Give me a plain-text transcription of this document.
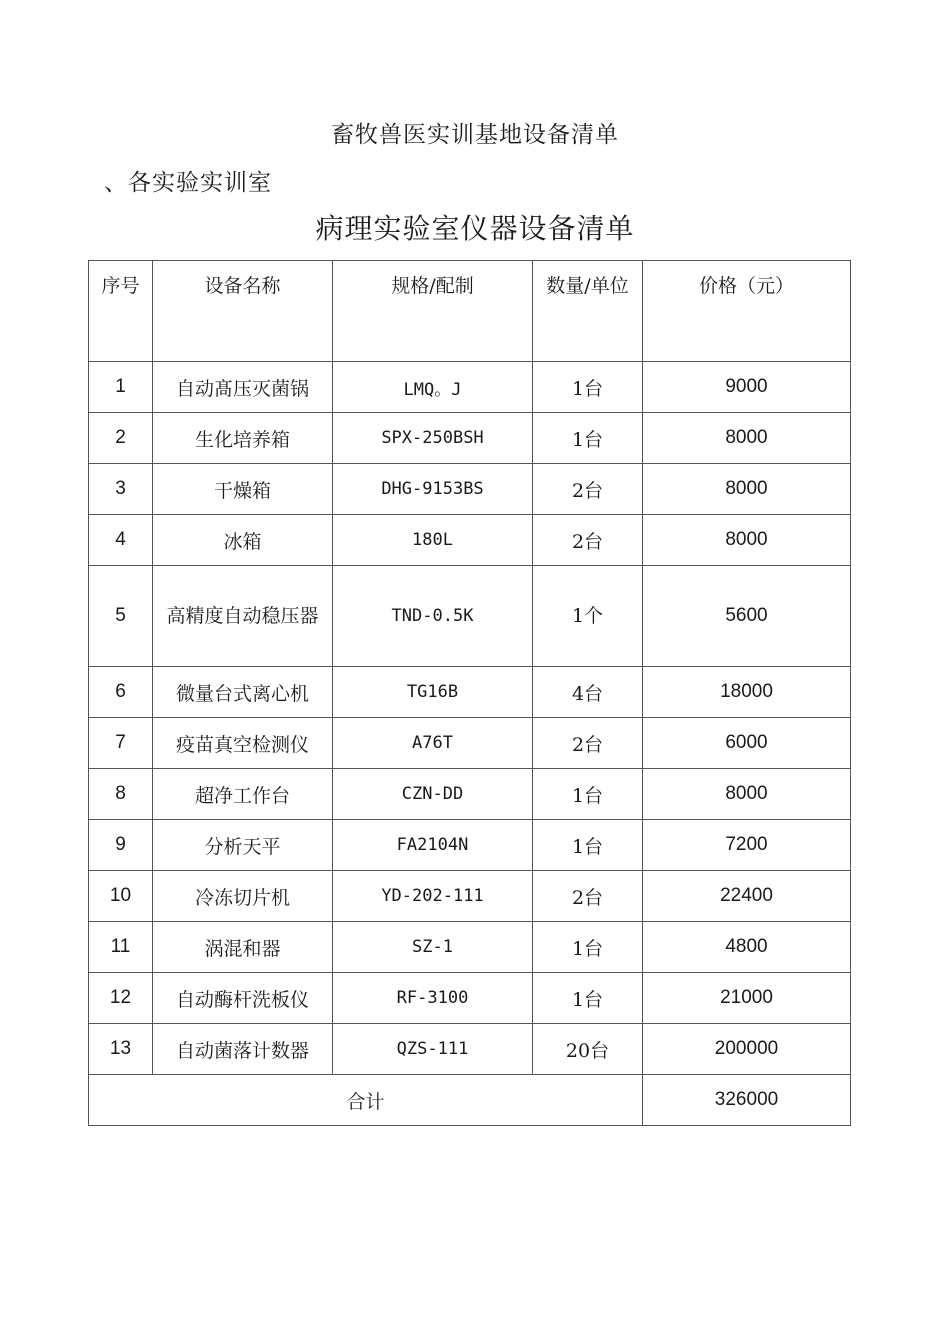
畜牧兽医实训基地设备清单
、各实验实训室
病理实验室仪器设备清单
序号	设备名称	规格/配制	数量/单位	价格（元）
1	自动髙压灭菌锅	LMQ。J	1台	9000
2	生化培养箱	SPX-250BSH	1台	8000
3	干燥箱	DHG-9153BS	2台	8000
4	冰箱	180L	2台	8000
5	高精度自动稳压器	TND-0.5K	1个	5600
6	微量台式离心机	TG16B	4台	18000
7	疫苗真空检测仪	A76T	2台	6000
8	超净工作台	CZN-DD	1台	8000
9	分析天平	FA2104N	1台	7200
10	冷冻切片机	YD-202-111	2台	22400
11	涡混和器	SZ-1	1台	4800
12	自动酶杆洗板仪	RF-3100	1台	21000
13	自动菌落计数器	QZS-111	20台	200000
合计				326000
